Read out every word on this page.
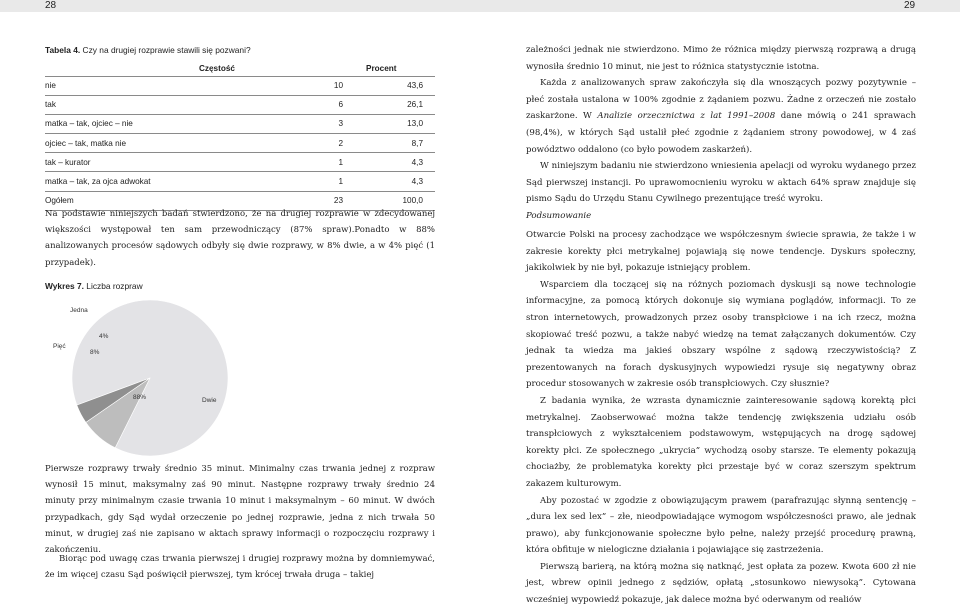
28	29
Tabela 4. Czy na drugiej rozprawie stawili się pozwani?
	Częstość	Procent
nie	10	43,6
tak	6	26,1
matka – tak, ojciec – nie	3	13,0
ojciec – tak, matka nie	2	8,7
tak – kurator	1	4,3
matka – tak, za ojca adwokat	1	4,3
Ogółem	23	100,0
Na podstawie niniejszych badań stwierdzono, że na drugiej rozprawie w zdecydowanej większości występował ten sam przewodniczący (87% spraw).Ponadto w 88% analizowanych procesów sądowych odbyły się dwie rozprawy, w 8% dwie, a w 4% pięć (1 przypadek).
Wykres 7. Liczba rozpraw
88%	Dwie
8%
Pięć
4%
Jedna
Pierwsze rozprawy trwały średnio 35 minut. Minimalny czas trwania jednej z rozpraw wynosił 15 minut, maksymalny zaś 90 minut. Następne rozprawy trwały średnio 24 minuty przy minimalnym czasie trwania 10 minut i maksymalnym – 60 minut. W dwóch przypadkach, gdy Sąd wydał orzeczenie po jednej rozprawie, jedna z nich trwała 50 minut, w drugiej zaś nie zapisano w aktach sprawy informacji o rozpoczęciu rozprawy i zakończeniu.
Biorąc pod uwagę czas trwania pierwszej i drugiej rozprawy można by domniemywać, że im więcej czasu Sąd poświęcił pierwszej, tym krócej trwała druga – takiej

zależności jednak nie stwierdzono. Mimo że różnica między pierwszą rozprawą a drugą wynosiła średnio 10 minut, nie jest to różnica statystycznie istotna.

Każda z analizowanych spraw zakończyła się dla wnoszących pozwy pozytywnie – płeć została ustalona w 100% zgodnie z żądaniem pozwu. Żadne z orzeczeń nie zostało zaskarżone. W Analizie orzecznictwa z lat 1991–2008 dane mówią o 241 sprawach (98,4%), w których Sąd ustalił płeć zgodnie z żądaniem strony powodowej, w 4 zaś powództwo oddalono (co było powodem zaskarżeń).

W niniejszym badaniu nie stwierdzono wniesienia apelacji od wyroku wydanego przez Sąd pierwszej instancji. Po uprawomocnieniu wyroku w aktach 64% spraw znajduje się pismo Sądu do Urzędu Stanu Cywilnego prezentujące treść wyroku.

Podsumowanie

Otwarcie Polski na procesy zachodzące we współczesnym świecie sprawia, że także i w zakresie korekty płci metrykalnej pojawiają się nowe tendencje. Dyskurs społeczny, jakikolwiek by nie był, pokazuje istniejący problem.

Wsparciem dla toczącej się na różnych poziomach dyskusji są nowe technologie informacyjne, za pomocą których dokonuje się wymiana poglądów, informacji. To ze stron internetowych, prowadzonych przez osoby transpłciowe i na ich rzecz, można skopiować treść pozwu, a także nabyć wiedzę na temat załączanych dokumentów. Czy jednak ta wiedza ma jakieś obszary wspólne z sądową rzeczywistością? Z prezentowanych na forach dyskusyjnych wypowiedzi rysuje się negatywny obraz procedur stosowanych w zakresie osób transpłciowych. Czy słusznie?

Z badania wynika, że wzrasta dynamicznie zainteresowanie sądową korektą płci metrykalnej. Zaobserwować można także tendencję zwiększenia udziału osób transpłciowych z wykształceniem podstawowym, wstępujących na drogę sądowej korekty płci. Ze społecznego „ukrycia” wychodzą osoby starsze. Te elementy pokazują chociażby, że problematyka korekty płci przestaje być w coraz szerszym spektrum zakazem kulturowym.

Aby pozostać w zgodzie z obowiązującym prawem (parafrazując słynną sentencję – „dura lex sed lex” – złe, nieodpowiadające wymogom współczesności prawo, ale jednak prawo), aby funkcjonowanie społeczne było pełne, należy przejść procedurę prawną, która obfituje w nielogiczne działania i pojawiające się zastrzeżenia.

Pierwszą barierą, na którą można się natknąć, jest opłata za pozew. Kwota 600 zł nie jest, wbrew opinii jednego z sędziów, opłatą „stosunkowo niewysoką”. Cytowana wcześniej wypowiedź pokazuje, jak dalece można być oderwanym od realiów
